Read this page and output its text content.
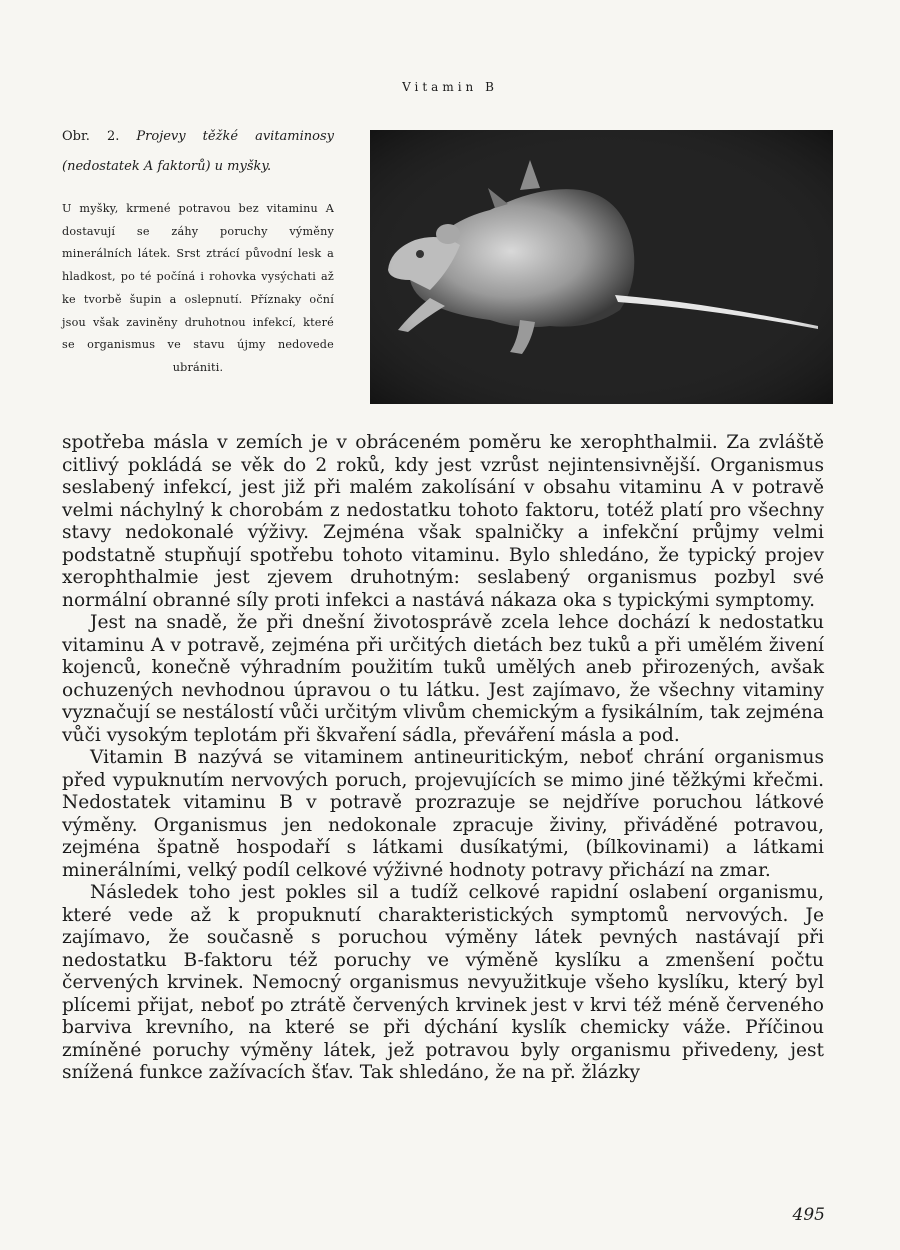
Vitamin B
Obr. 2. Projevy těžké avitaminosy (nedostatek A faktorů) u myšky.
U myšky, krmené potravou bez vitaminu A dostavují se záhy poruchy výměny minerálních látek. Srst ztrácí původní lesk a hladkost, po té počíná i rohovka vysýchati až ke tvorbě šupin a oslepnutí. Příznaky oční jsou však zaviněny druhotnou infekcí, které se organismus ve stavu újmy nedovede ubrániti.

spotřeba másla v zemích je v obráceném poměru ke xerophthalmii. Za zvláště citlivý pokládá se věk do 2 roků, kdy jest vzrůst nejintensivnější. Organismus seslabený infekcí, jest již při malém zakolísání v obsahu vitaminu A v potravě velmi náchylný k chorobám z nedostatku tohoto faktoru, totéž platí pro všechny stavy nedokonalé výživy. Zejména však spalničky a infekční průjmy velmi podstatně stupňují spotřebu tohoto vitaminu. Bylo shledáno, že typický projev xerophthalmie jest zjevem druhotným: seslabený organismus pozbyl své normální obranné síly proti infekci a nastává nákaza oka s typickými symptomy.

Jest na snadě, že při dnešní životosprávě zcela lehce dochází k nedostatku vitaminu A v potravě, zejména při určitých dietách bez tuků a při umělém živení kojenců, konečně výhradním použitím tuků umělých aneb přirozených, avšak ochuzených nevhodnou úpravou o tu látku. Jest zajímavo, že všechny vitaminy vyznačují se nestálostí vůči určitým vlivům chemickým a fysikálním, tak zejména vůči vysokým teplotám při škvaření sádla, převáření másla a pod.

Vitamin B nazývá se vitaminem antineuritickým, neboť chrání organismus před vypuknutím nervových poruch, projevujících se mimo jiné těžkými křečmi. Nedostatek vitaminu B v potravě prozrazuje se nejdříve poruchou látkové výměny. Organismus jen nedokonale zpracuje živiny, přiváděné potravou, zejména špatně hospodaří s látkami dusíkatými, (bílkovinami) a látkami minerálními, velký podíl celkové výživné hodnoty potravy přichází na zmar.

Následek toho jest pokles sil a tudíž celkové rapidní oslabení organismu, které vede až k propuknutí charakteristických symptomů nervových. Je zajímavo, že současně s poruchou výměny látek pevných nastávají při nedostatku B-faktoru též poruchy ve výměně kyslíku a zmenšení počtu červených krvinek. Nemocný organismus nevyužitkuje všeho kyslíku, který byl plícemi přijat, neboť po ztrátě červených krvinek jest v krvi též méně červeného barviva krevního, na které se při dýchání kyslík chemicky váže. Příčinou zmíněné poruchy výměny látek, jež potravou byly organismu přivedeny, jest snížená funkce zažívacích šťav. Tak shledáno, že na př. žlázky

495
